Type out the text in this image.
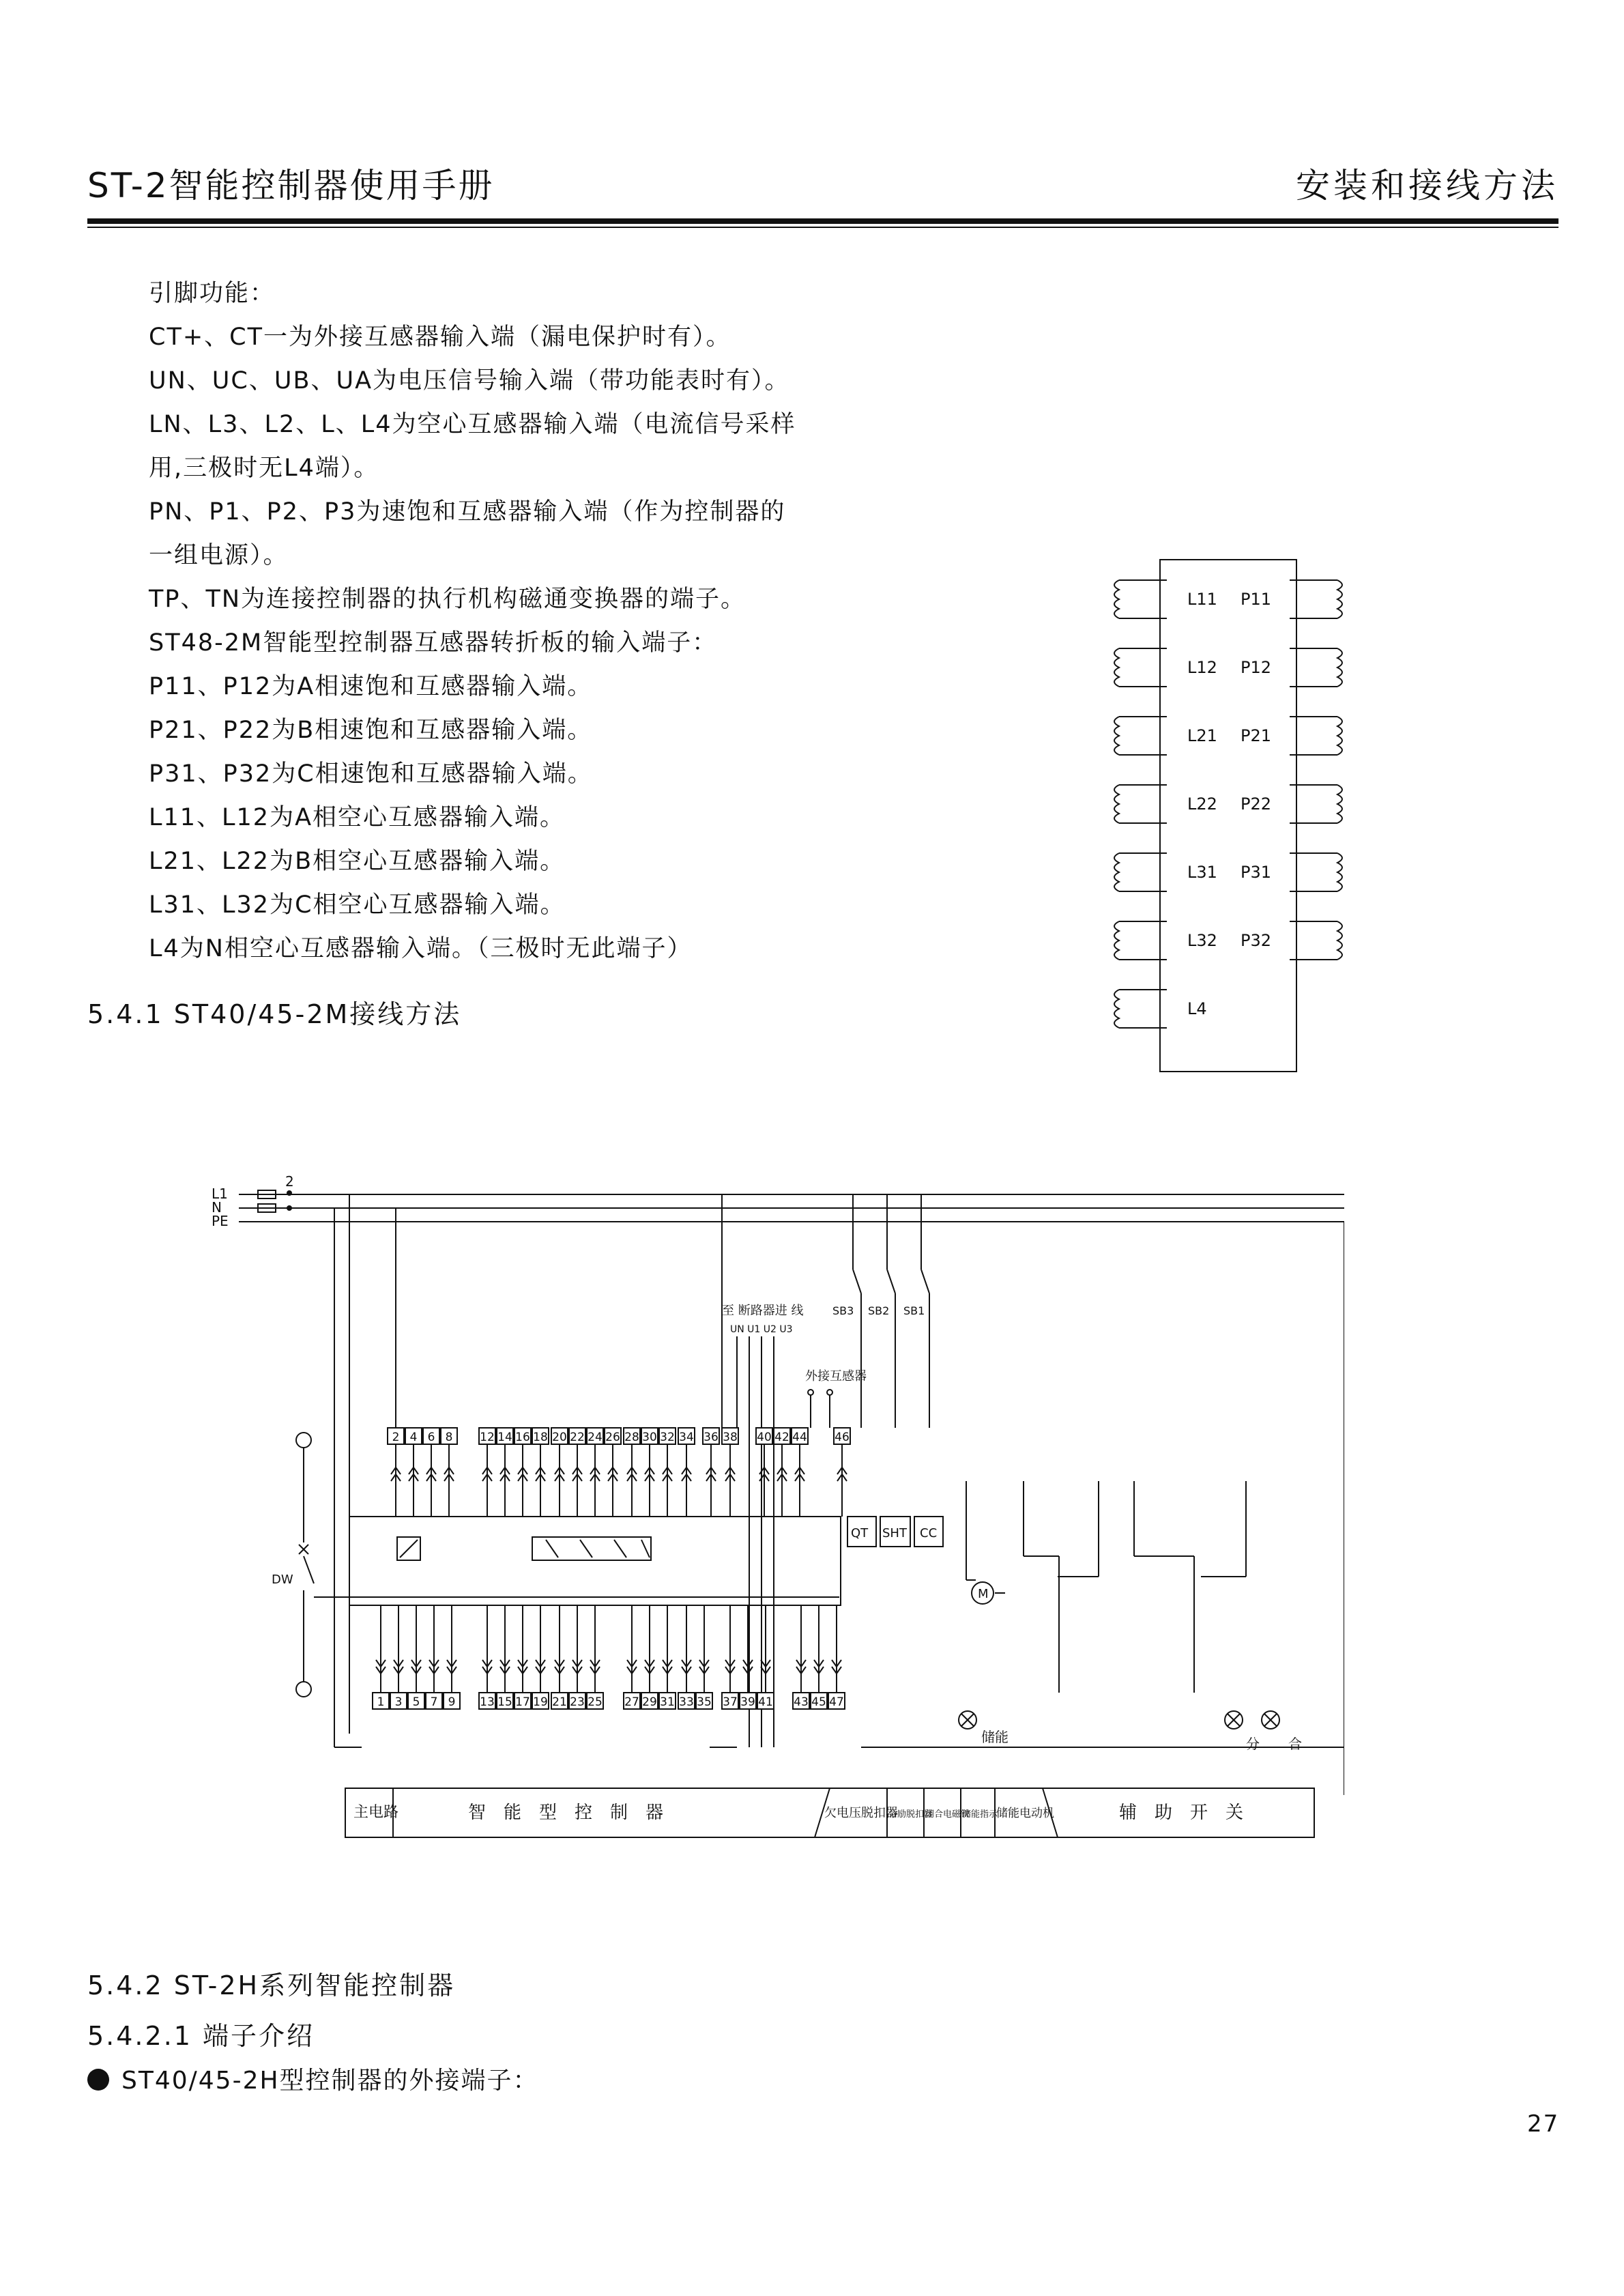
ST-2智能控制器使用手册	安装和接线方法
引脚功能：
CT+、CT一为外接互感器输入端（漏电保护时有）。
UN、UC、UB、UA为电压信号输入端（带功能表时有）。
LN、L3、L2、L、L4为空心互感器输入端（电流信号采样
用,三极时无L4端）。
PN、P1、P2、P3为速饱和互感器输入端（作为控制器的
一组电源）。
TP、TN为连接控制器的执行机构磁通变换器的端子。
ST48-2M智能型控制器互感器转折板的输入端子：
P11、P12为A相速饱和互感器输入端。
P21、P22为B相速饱和互感器输入端。
P31、P32为C相速饱和互感器输入端。
L11、L12为A相空心互感器输入端。
L21、L22为B相空心互感器输入端。
L31、L32为C相空心互感器输入端。
L4为N相空心互感器输入端。（三极时无此端子）
5.4.1 ST40/45-2M接线方法
L11 P11
L12 P12
L21 P21
L22 P22
L31 P31
L32 P32
L4
2 4 6 8 12 14 16 18 20 22 24 26 28 30 32 34 36 38 40 42 44 46
1 3 5 7 9 13 15 17 19 21 23 25 27 29 31 33 35 37 39 41 43 45 47
L1
N
PE
2
至 断路器进 线
UN U1 U2 U3
外接互感器
DW
SB3 SB2 SB1
QT SHT CC
M
储能	分 合
主电路	智　能　型　控　制　器	欠电压脱扣器
分励脱扣器
闭合电磁铁
储能指示
储能电动机	辅　助　开　关
5.4.2 ST-2H系列智能控制器
5.4.2.1 端子介绍
ST40/45-2H型控制器的外接端子：
27
